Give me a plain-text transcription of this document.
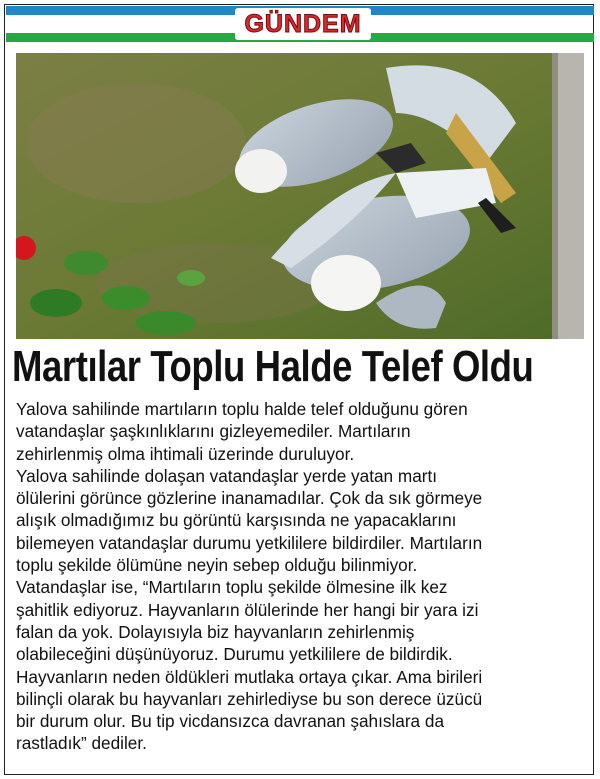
GÜNDEM
Martılar Toplu Halde Telef Oldu
Yalova sahilinde martıların toplu halde telef olduğunu gören
vatandaşlar şaşkınlıklarını gizleyemediler. Martıların
zehirlenmiş olma ihtimali üzerinde duruluyor.
Yalova sahilinde dolaşan vatandaşlar yerde yatan martı
ölülerini görünce gözlerine inanamadılar. Çok da sık görmeye
alışık olmadığımız bu görüntü karşısında ne yapacaklarını
bilemeyen vatandaşlar durumu yetkililere bildirdiler. Martıların
toplu şekilde ölümüne neyin sebep olduğu bilinmiyor.
Vatandaşlar ise, “Martıların toplu şekilde ölmesine ilk kez
şahitlik ediyoruz. Hayvanların ölülerinde her hangi bir yara izi
falan da yok. Dolayısıyla biz hayvanların zehirlenmiş
olabileceğini düşünüyoruz. Durumu yetkililere de bildirdik.
Hayvanların neden öldükleri mutlaka ortaya çıkar. Ama birileri
bilinçli olarak bu hayvanları zehirlediyse bu son derece üzücü
bir durum olur. Bu tip vicdansızca davranan şahıslara da
rastladık” dediler.
